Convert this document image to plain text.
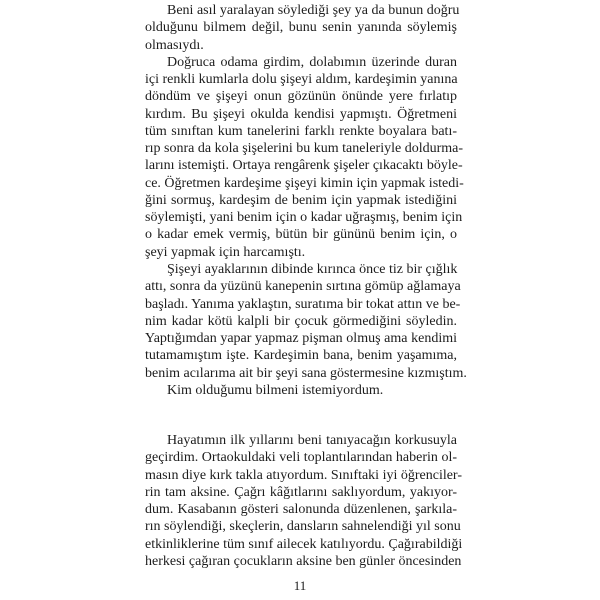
Beni asıl yaralayan söylediği şey ya da bunun doğru
olduğunu bilmem değil, bunu senin yanında söylemiş
olmasıydı.
Doğruca odama girdim, dolabımın üzerinde duran
içi renkli kumlarla dolu şişeyi aldım, kardeşimin yanına
döndüm ve şişeyi onun gözünün önünde yere fırlatıp
kırdım. Bu şişeyi okulda kendisi yapmıştı. Öğretmeni
tüm sınıftan kum tanelerini farklı renkte boyalara batı-
rıp sonra da kola şişelerini bu kum taneleriyle doldurma-
larını istemişti. Ortaya rengârenk şişeler çıkacaktı böyle-
ce. Öğretmen kardeşime şişeyi kimin için yapmak istedi-
ğini sormuş, kardeşim de benim için yapmak istediğini
söylemişti, yani benim için o kadar uğraşmış, benim için
o kadar emek vermiş, bütün bir gününü benim için, o
şeyi yapmak için harcamıştı.
Şişeyi ayaklarının dibinde kırınca önce tiz bir çığlık
attı, sonra da yüzünü kanepenin sırtına gömüp ağlamaya
başladı. Yanıma yaklaştın, suratıma bir tokat attın ve be-
nim kadar kötü kalpli bir çocuk görmediğini söyledin.
Yaptığımdan yapar yapmaz pişman olmuş ama kendimi
tutamamıştım işte. Kardeşimin bana, benim yaşamıma,
benim acılarıma ait bir şeyi sana göstermesine kızmıştım.
Kim olduğumu bilmeni istemiyordum.
Hayatımın ilk yıllarını beni tanıyacağın korkusuyla
geçirdim. Ortaokuldaki veli toplantılarından haberin ol-
masın diye kırk takla atıyordum. Sınıftaki iyi öğrenciler-
rin tam aksine. Çağrı kâğıtlarını saklıyordum, yakıyor-
dum. Kasabanın gösteri salonunda düzenlenen, şarkıla-
rın söylendiği, skeçlerin, dansların sahnelendiği yıl sonu
etkinliklerine tüm sınıf ailecek katılıyordu. Çağırabildiği
herkesi çağıran çocukların aksine ben günler öncesinden
11
